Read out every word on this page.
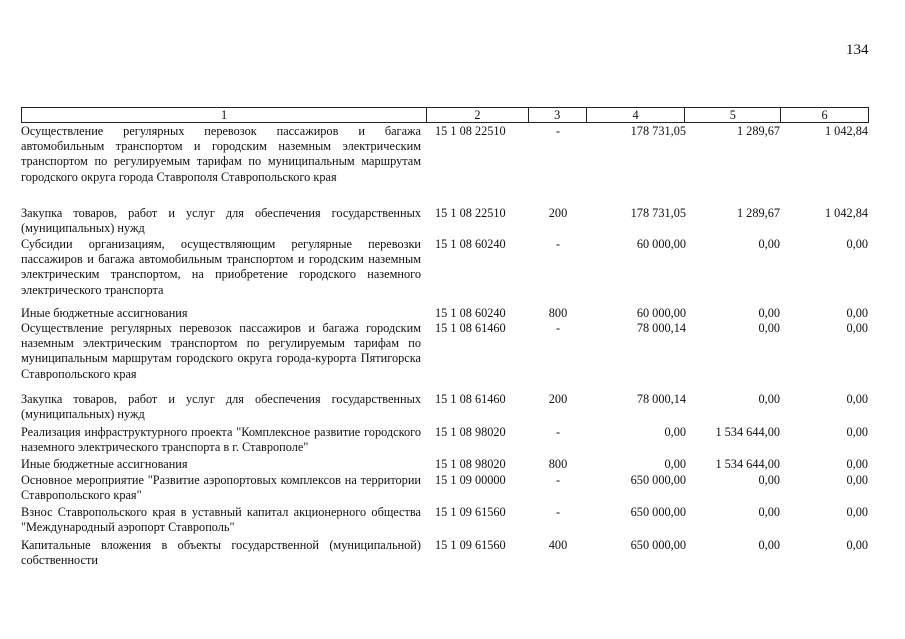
134
1	2	3	4	5	6
Осуществление регулярных перевозок пассажиров и багажа автомобильным транспортом и городским наземным электрическим транспортом по регулируемым тарифам по муниципальным маршрутам городского округа города Ставрополя Ставропольского края
15 1 08 22510	-	178 731,05	1 289,67	1 042,84
Закупка товаров, работ и услуг для обеспечения государственных (муниципальных) нужд
15 1 08 22510	200	178 731,05	1 289,67	1 042,84
Субсидии организациям, осуществляющим регулярные перевозки пассажиров и багажа автомобильным транспортом и городским наземным электрическим транспортом, на приобретение городского наземного электрического транспорта
15 1 08 60240	-	60 000,00	0,00	0,00
Иные бюджетные ассигнования	15 1 08 60240	800	60 000,00	0,00	0,00
Осуществление регулярных перевозок пассажиров и багажа городским наземным электрическим транспортом по регулируемым тарифам по муниципальным маршрутам городского округа города-курорта Пятигорска Ставропольского края
15 1 08 61460	-	78 000,14	0,00	0,00
Закупка товаров, работ и услуг для обеспечения государственных (муниципальных) нужд
15 1 08 61460	200	78 000,14	0,00	0,00
Реализация инфраструктурного проекта "Комплексное развитие городского наземного электрического транспорта в г. Ставрополе"
15 1 08 98020	-	0,00	1 534 644,00	0,00
Иные бюджетные ассигнования	15 1 08 98020	800	0,00	1 534 644,00	0,00
Основное мероприятие "Развитие аэропортовых комплексов на территории Ставропольского края"
15 1 09 00000	-	650 000,00	0,00	0,00
Взнос Ставропольского края в уставный капитал акционерного общества "Международный аэропорт Ставрополь"
15 1 09 61560	-	650 000,00	0,00	0,00
Капитальные вложения в объекты государственной (муниципальной) собственности
15 1 09 61560	400	650 000,00	0,00	0,00
